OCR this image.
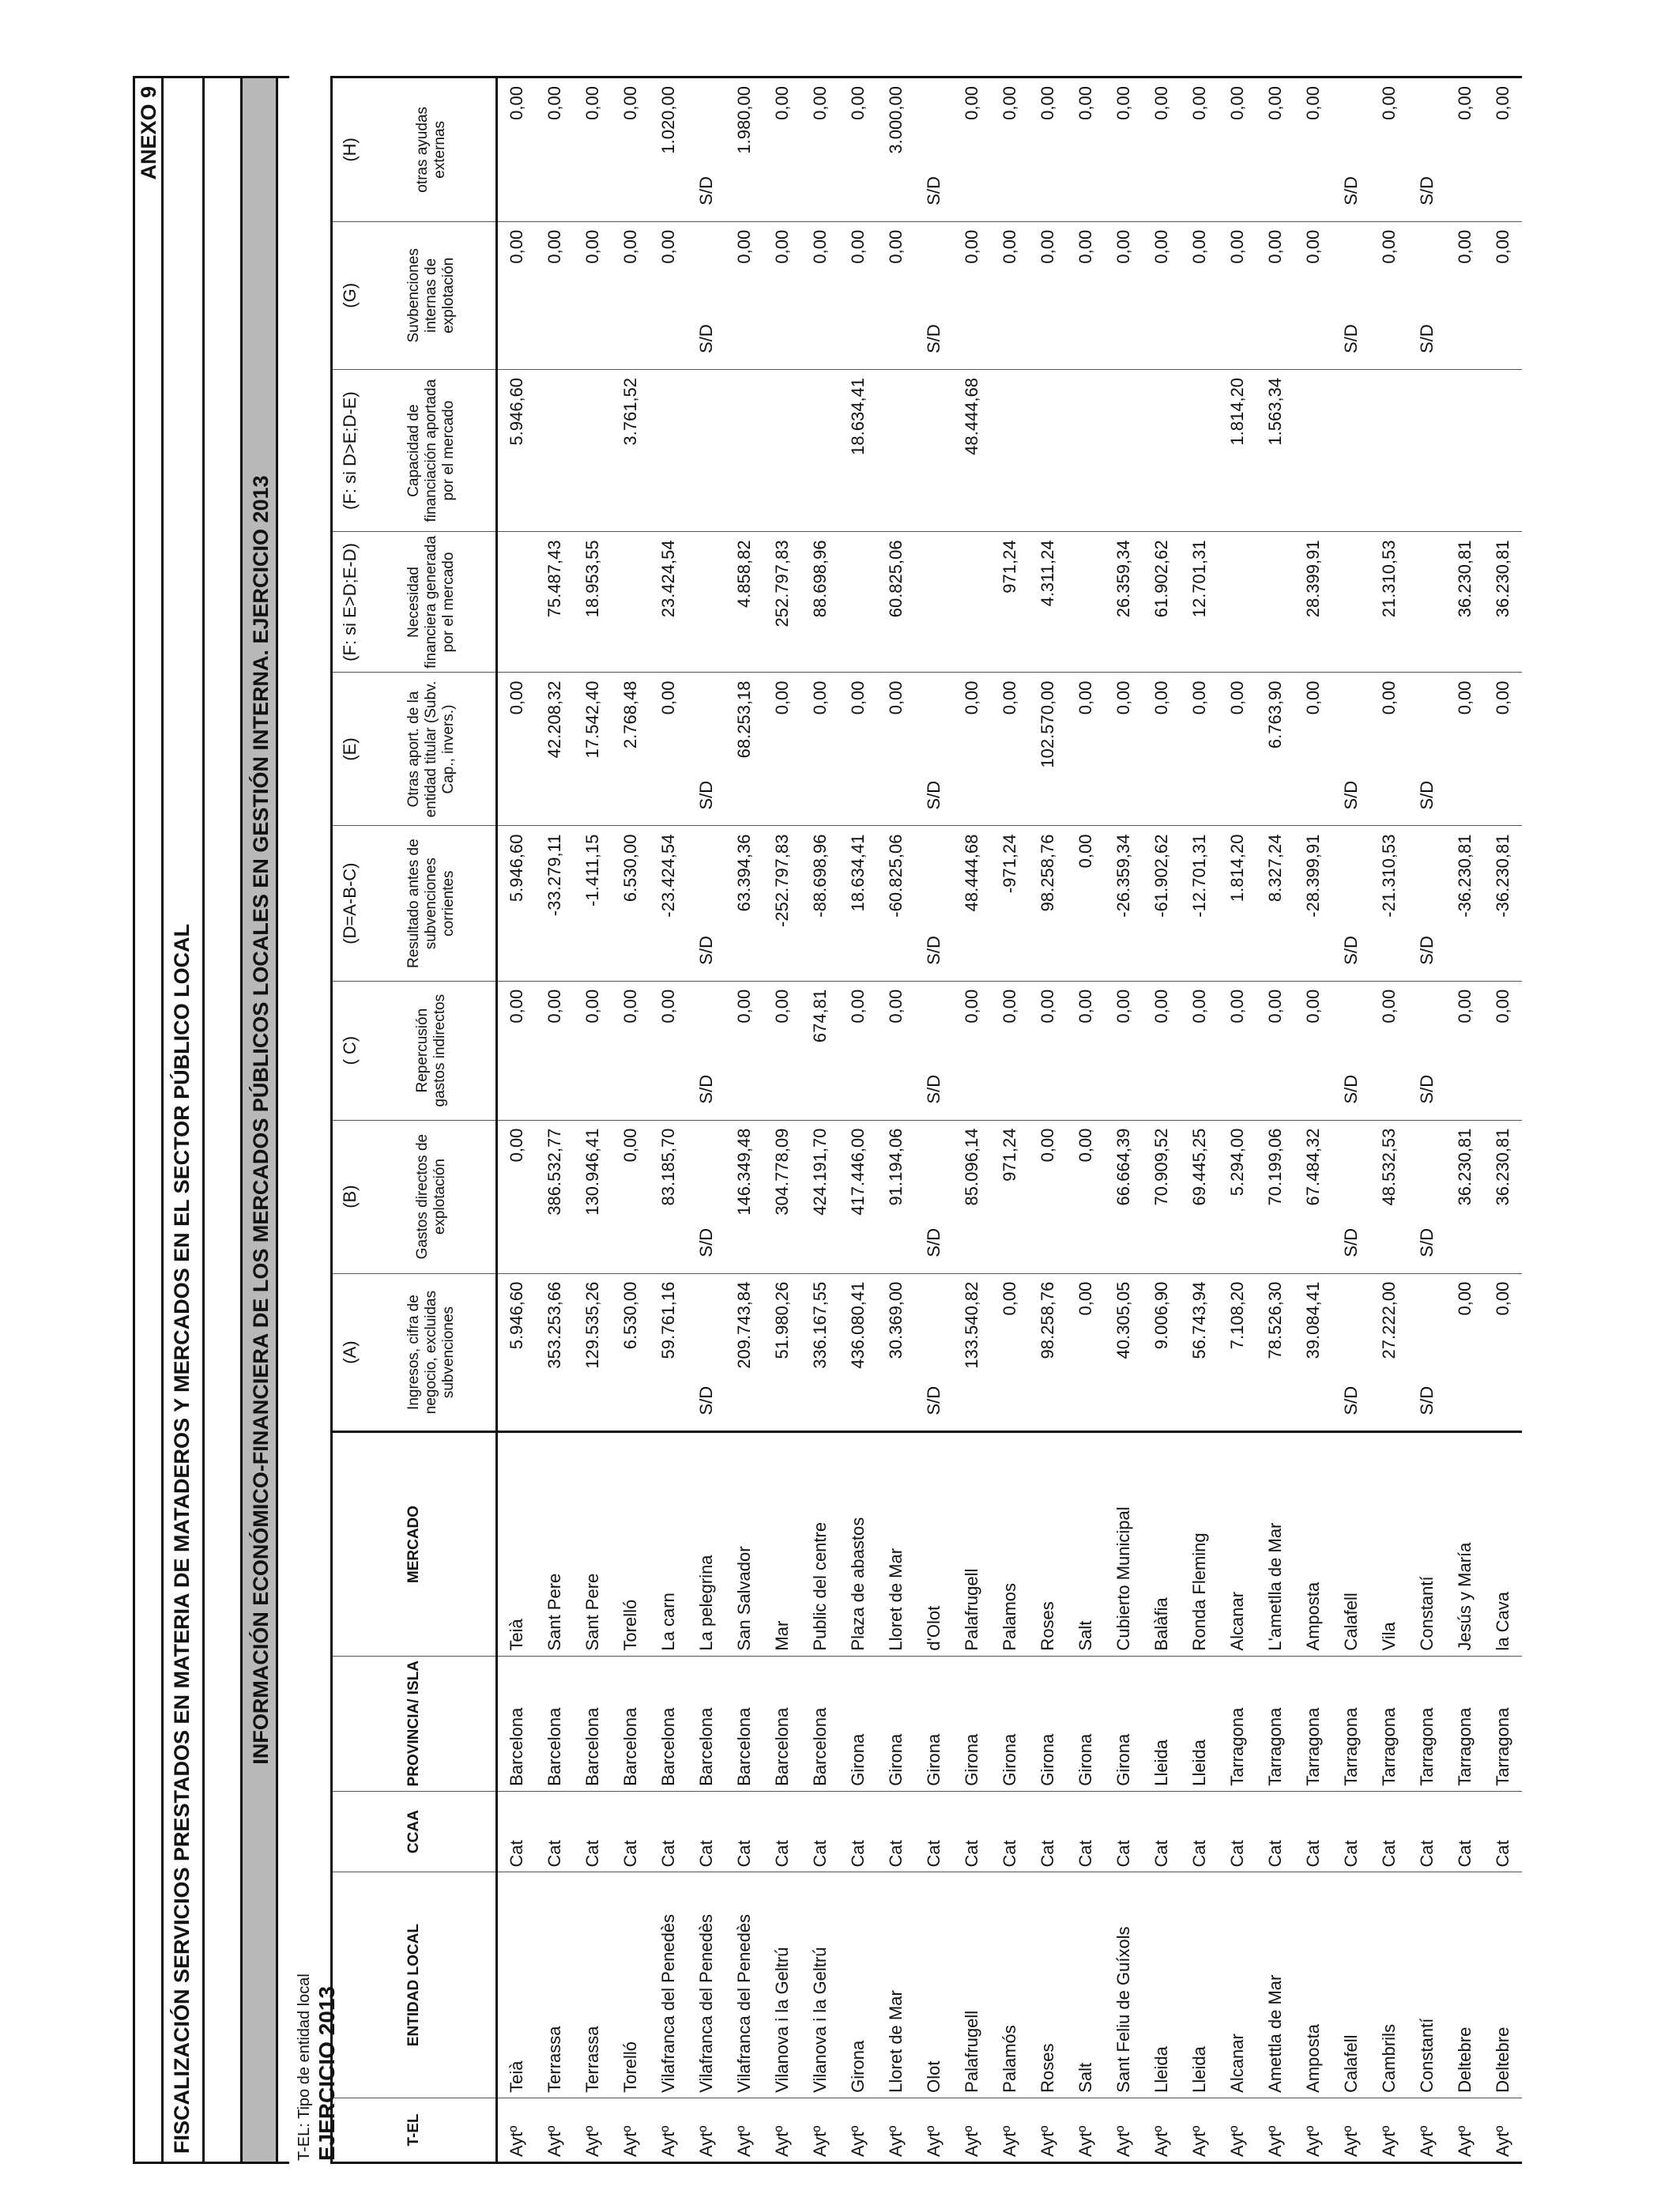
ANEXO 9
FISCALIZACIÓN SERVICIOS PRESTADOS EN MATERIA DE MATADEROS Y MERCADOS EN EL SECTOR PÚBLICO LOCAL	INFORMACIÓN ECONÓMICO-FINANCIERA DE LOS MERCADOS PÚBLICOS LOCALES EN GESTIÓN INTERNA. EJERCICIO 2013
T-EL: Tipo de entidad local EJERCICIO 2013	T-EL	ENTIDAD LOCAL	CCAA	PROVINCIA/ ISLA	MERCADO	(A)	(B)	( C)	(D=A-B-C)	(E)	(F: si E>D;E-D)	(F: si D>E;D-E)	(G)	(H)
					Ingresos, cifra de negocio, excluidas subvenciones	Gastos directos de explotación	Repercusión gastos indirectos	Resultado antes de subvenciones corrientes	Otras aport. de la entidad titular (Subv. Cap., invers.)	Necesidad financiera generada por el mercado	Capacidad de financiación aportada por el mercado	Suvbenciones internas de explotación	otras ayudas externas
Aytº	Teià	Cat	Barcelona	Teià	5.946,60	0,00	0,00	5.946,60	0,00		5.946,60	0,00	0,00
Aytº	Terrassa	Cat	Barcelona	Sant Pere	353.253,66	386.532,77	0,00	-33.279,11	42.208,32	75.487,43		0,00	0,00
Aytº	Terrassa	Cat	Barcelona	Sant Pere	129.535,26	130.946,41	0,00	-1.411,15	17.542,40	18.953,55		0,00	0,00
Aytº	Torelló	Cat	Barcelona	Torelló	6.530,00	0,00	0,00	6.530,00	2.768,48		3.761,52	0,00	0,00
Aytº	Vilafranca del Penedès	Cat	Barcelona	La carn	59.761,16	83.185,70	0,00	-23.424,54	0,00	23.424,54		0,00	1.020,00
Aytº	Vilafranca del Penedès	Cat	Barcelona	La pelegrina	S/D	S/D	S/D	S/D	S/D			S/D	S/D
Aytº	Vilafranca del Penedès	Cat	Barcelona	San Salvador	209.743,84	146.349,48	0,00	63.394,36	68.253,18	4.858,82		0,00	1.980,00
Aytº	Vilanova i la Geltrú	Cat	Barcelona	Mar	51.980,26	304.778,09	0,00	-252.797,83	0,00	252.797,83		0,00	0,00
Aytº	Vilanova i la Geltrú	Cat	Barcelona	Public del centre	336.167,55	424.191,70	674,81	-88.698,96	0,00	88.698,96		0,00	0,00
Aytº	Girona	Cat	Girona	Plaza de abastos	436.080,41	417.446,00	0,00	18.634,41	0,00		18.634,41	0,00	0,00
Aytº	Lloret de Mar	Cat	Girona	Lloret de Mar	30.369,00	91.194,06	0,00	-60.825,06	0,00	60.825,06		0,00	3.000,00
Aytº	Olot	Cat	Girona	d'Olot	S/D	S/D	S/D	S/D	S/D			S/D	S/D
Aytº	Palafrugell	Cat	Girona	Palafrugell	133.540,82	85.096,14	0,00	48.444,68	0,00		48.444,68	0,00	0,00
Aytº	Palamós	Cat	Girona	Palamos	0,00	971,24	0,00	-971,24	0,00	971,24		0,00	0,00
Aytº	Roses	Cat	Girona	Roses	98.258,76	0,00	0,00	98.258,76	102.570,00	4.311,24		0,00	0,00
Aytº	Salt	Cat	Girona	Salt	0,00	0,00	0,00	0,00	0,00			0,00	0,00
Aytº	Sant Feliu de Guíxols	Cat	Girona	Cubierto Municipal	40.305,05	66.664,39	0,00	-26.359,34	0,00	26.359,34		0,00	0,00
Aytº	Lleida	Cat	Lleida	Balàfia	9.006,90	70.909,52	0,00	-61.902,62	0,00	61.902,62		0,00	0,00
Aytº	Lleida	Cat	Lleida	Ronda Fleming	56.743,94	69.445,25	0,00	-12.701,31	0,00	12.701,31		0,00	0,00
Aytº	Alcanar	Cat	Tarragona	Alcanar	7.108,20	5.294,00	0,00	1.814,20	0,00		1.814,20	0,00	0,00
Aytº	Amettla de Mar	Cat	Tarragona	L'ametlla de Mar	78.526,30	70.199,06	0,00	8.327,24	6.763,90		1.563,34	0,00	0,00
Aytº	Amposta	Cat	Tarragona	Amposta	39.084,41	67.484,32	0,00	-28.399,91	0,00	28.399,91		0,00	0,00
Aytº	Calafell	Cat	Tarragona	Calafell	S/D	S/D	S/D	S/D	S/D			S/D	S/D
Aytº	Cambrils	Cat	Tarragona	Vila	27.222,00	48.532,53	0,00	-21.310,53	0,00	21.310,53		0,00	0,00
Aytº	Constantí	Cat	Tarragona	Constantí	S/D	S/D	S/D	S/D	S/D			S/D	S/D
Aytº	Deltebre	Cat	Tarragona	Jesús y María	0,00	36.230,81	0,00	-36.230,81	0,00	36.230,81		0,00	0,00
Aytº	Deltebre	Cat	Tarragona	la Cava	0,00	36.230,81	0,00	-36.230,81	0,00	36.230,81		0,00	0,00
